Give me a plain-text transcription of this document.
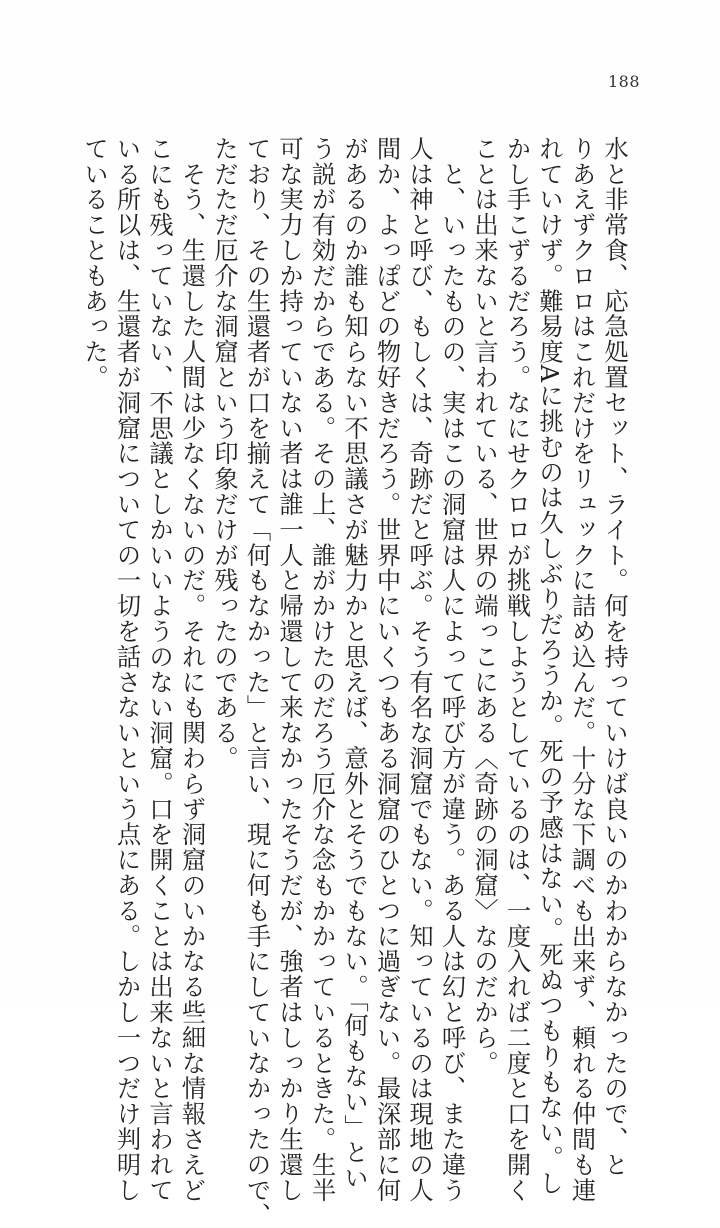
188
水と非常食、応急処置セット、ライト。何を持っていけば良いのかわからなかったので、と
りあえずクロロはこれだけをリュックに詰め込んだ。十分な下調べも出来ず、頼れる仲間も連
れていけず。難易度Aに挑むのは久しぶりだろうか。死の予感はない。死ぬつもりもない。し
かし手こずるだろう。なにせクロロが挑戦しようとしているのは、一度入れば二度と口を開く
ことは出来ないと言われている、世界の端っこにある〈奇跡の洞窟〉なのだから。
　と、いったものの、実はこの洞窟は人によって呼び方が違う。ある人は幻と呼び、また違う
人は神と呼び、もしくは、奇跡だと呼ぶ。そう有名な洞窟でもない。知っているのは現地の人
間か、よっぽどの物好きだろう。世界中にいくつもある洞窟のひとつに過ぎない。最深部に何
があるのか誰も知らない不思議さが魅力かと思えば、意外とそうでもない。「何もない」とい
う説が有効だからである。その上、誰がかけたのだろう厄介な念もかかっているときた。生半
可な実力しか持っていない者は誰一人と帰還して来なかったそうだが、強者はしっかり生還し
ており、その生還者が口を揃えて「何もなかった」と言い、現に何も手にしていなかったので、
ただただ厄介な洞窟という印象だけが残ったのである。
　そう、生還した人間は少なくないのだ。それにも関わらず洞窟のいかなる些細な情報さえど
こにも残っていない、不思議としかいいようのない洞窟。口を開くことは出来ないと言われて
いる所以は、生還者が洞窟についての一切を話さないという点にある。しかし一つだけ判明し
ていることもあった。
